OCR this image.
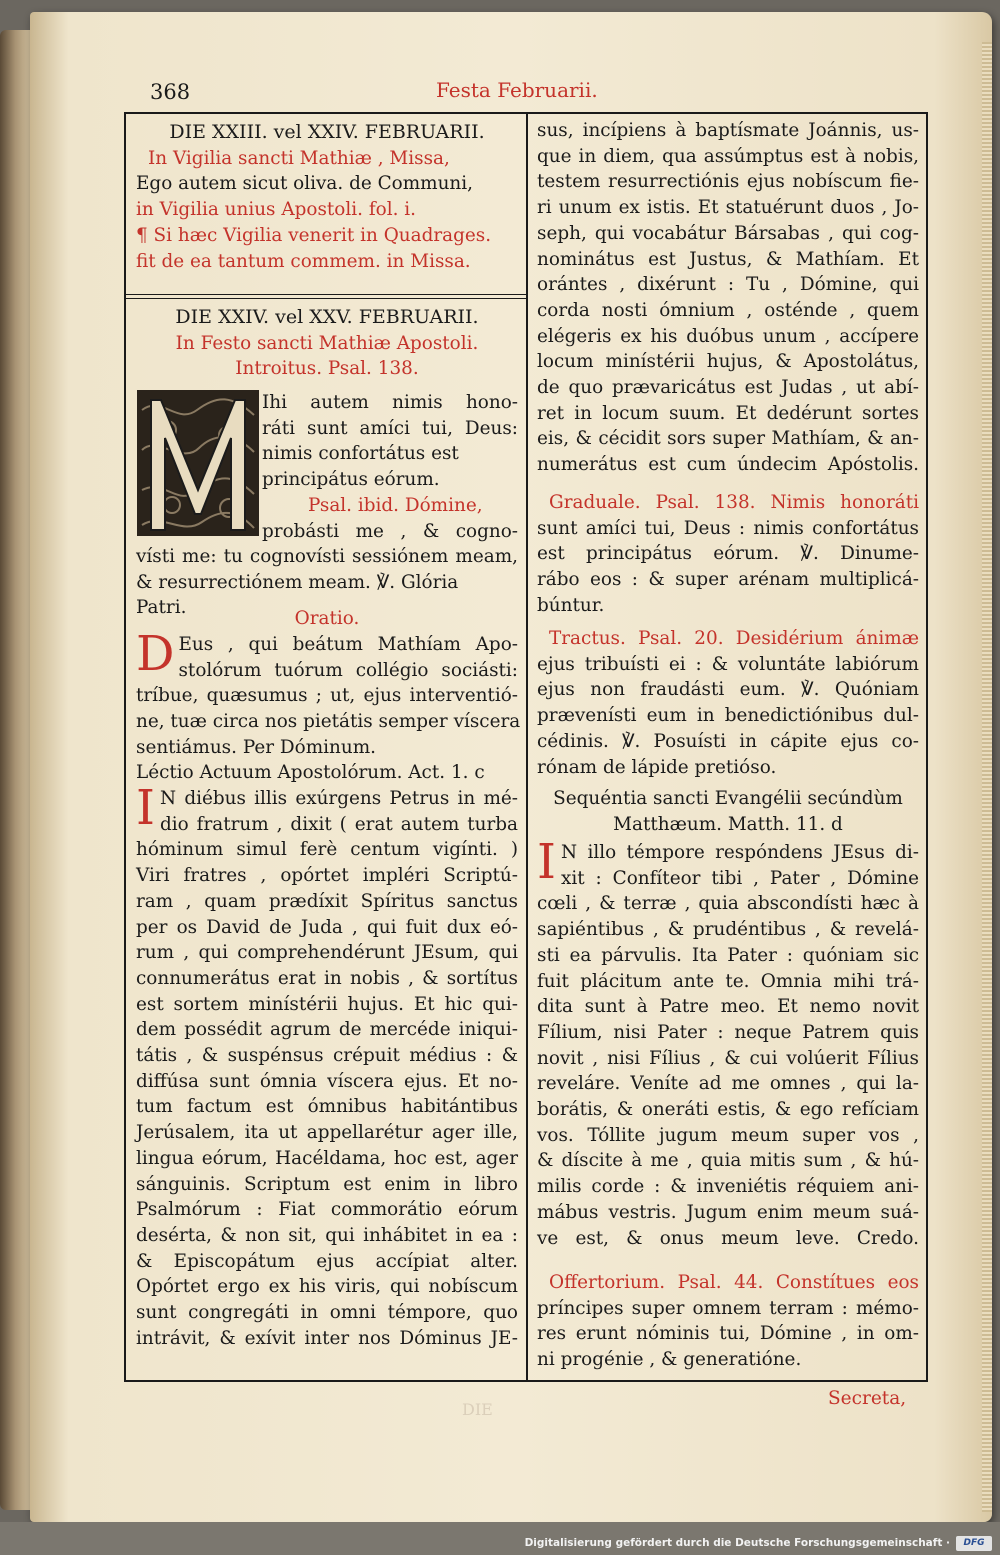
368	Festa Februarii.

DIE XXIII. vel XXIV. FEBRUARII.

In Vigilia sancti Mathiæ , Missa,

Ego autem sicut oliva. de Communi,

in Vigilia unius Apostoli. fol. i.

¶ Si hæc Vigilia venerit in Quadrages.

fit de ea tantum commem. in Missa.

DIE XXIV. vel XXV. FEBRUARII.

In Festo sancti Mathiæ Apostoli.

Introitus. Psal. 138.

Ihi autem nimis hono-

ráti sunt amíci tui, Deus:

nimis confortátus est

principátus eórum.

Psal. ibid. Dómine,

probásti me , & cogno-

vísti me: tu cognovísti sessiónem meam,

& resurrectiónem meam. ℣. Glória

Patri.

Oratio.

D Eus , qui beátum Mathíam Apo-

stolórum tuórum collégio sociásti:

tríbue, quæsumus ; ut, ejus interventió-

ne, tuæ circa nos pietátis semper víscera

sentiámus. Per Dóminum.

Léctio Actuum Apostolórum. Act. 1. c

I N diébus illis exúrgens Petrus in mé-

dio fratrum , dixit ( erat autem turba

hóminum simul ferè centum vigínti. )

Viri fratres , opórtet impléri Scriptú-

ram , quam prædíxit Spíritus sanctus

per os David de Juda , qui fuit dux eó-

rum , qui comprehendérunt JEsum, qui

connumerátus erat in nobis , & sortítus

est sortem minístérii hujus. Et hic qui-

dem possédit agrum de mercéde iniqui-

tátis , & suspénsus crépuit médius : &

diffúsa sunt ómnia víscera ejus. Et no-

tum factum est ómnibus habitántibus

Jerúsalem, ita ut appellarétur ager ille,

lingua eórum, Hacéldama, hoc est, ager

sánguinis. Scriptum est enim in libro

Psalmórum : Fiat commorátio eórum

desérta, & non sit, qui inhábitet in ea :

& Episcopátum ejus accípiat alter.

Opórtet ergo ex his viris, qui nobíscum

sunt congregáti in omni témpore, quo

intrávit, & exívit inter nos Dóminus JE-

sus, incípiens à baptísmate Joánnis, us-

que in diem, qua assúmptus est à nobis,

testem resurrectiónis ejus nobíscum fie-

ri unum ex istis. Et statuérunt duos , Jo-

seph, qui vocabátur Bársabas , qui cog-

nominátus est Justus, & Mathíam. Et

orántes , dixérunt : Tu , Dómine, qui

corda nosti ómnium , osténde , quem

elégeris ex his duóbus unum , accípere

locum minístérii hujus, & Apostolátus,

de quo prævaricátus est Judas , ut abí-

ret in locum suum. Et dedérunt sortes

eis, & cécidit sors super Mathíam, & an-

numerátus est cum úndecim Apóstolis.

Graduale. Psal. 138. Nimis honoráti

sunt amíci tui, Deus : nimis confortátus

est principátus eórum. ℣. Dinume-

rábo eos : & super arénam multiplicá-

búntur.

Tractus. Psal. 20. Desidérium ánimæ

ejus tribuísti ei : & voluntáte labiórum

ejus non fraudásti eum. ℣. Quóniam

prævenísti eum in benedictiónibus dul-

cédinis. ℣. Posuísti in cápite ejus co-

rónam de lápide pretióso.

Sequéntia sancti Evangélii secúndùm

Matthæum. Matth. 11. d

I N illo témpore respóndens JEsus di-

xit : Confíteor tibi , Pater , Dómine

cœli , & terræ , quia abscondísti hæc à

sapiéntibus , & prudéntibus , & revelá-

sti ea párvulis. Ita Pater : quóniam sic

fuit plácitum ante te. Omnia mihi trá-

dita sunt à Patre meo. Et nemo novit

Fílium, nisi Pater : neque Patrem quis

novit , nisi Fílius , & cui volúerit Fílius

reveláre. Veníte ad me omnes , qui la-

borátis, & oneráti estis, & ego refíciam

vos. Tóllite jugum meum super vos ,

& díscite à me , quia mitis sum , & hú-

milis corde : & inveniétis réquiem ani-

mábus vestris. Jugum enim meum suá-

ve est, & onus meum leve. Credo.

Offertorium. Psal. 44. Constítues eos

príncipes super omnem terram : mémo-

res erunt nóminis tui, Dómine , in om-

ni progénie , & generatióne.

DIE
Secreta,
Digitalisierung gefördert durch die Deutsche Forschungsgemeinschaft ·	DFG
